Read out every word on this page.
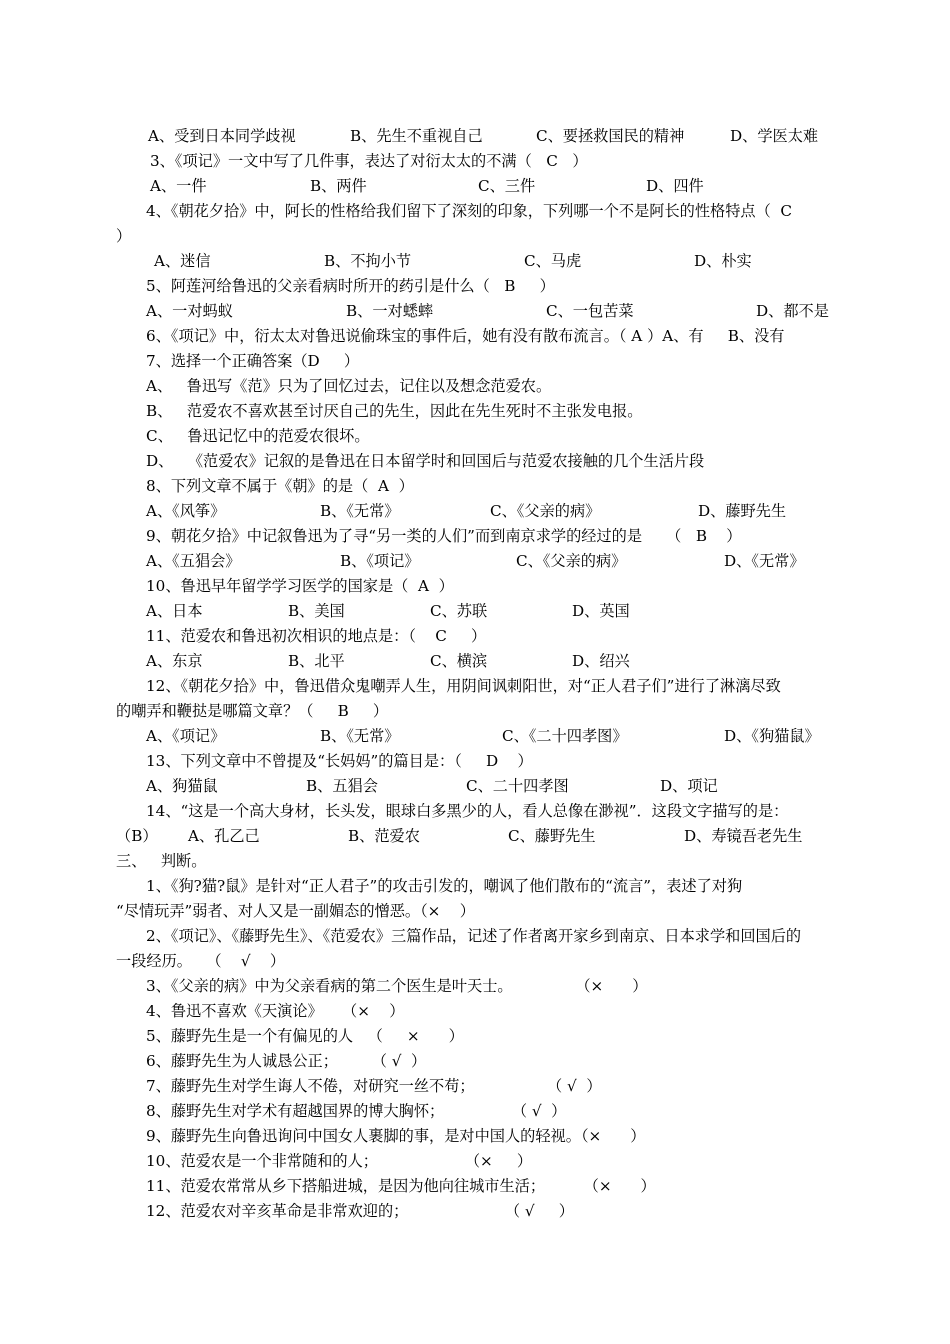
A、受到日本同学歧视	B、先生不重视自己	C、要拯救国民的精神	D、学医太难
3、《项记》一文中写了几件事，表达了对衍太太的不满（   C   ）
A、一件	B、两件	C、三件	D、四件
4、《朝花夕拾》中，阿长的性格给我们留下了深刻的印象，下列哪一个不是阿长的性格特点（  C
）
A、迷信	B、不拘小节	C、马虎	D、朴实
5、阿莲河给鲁迅的父亲看病时所开的药引是什么（   B     ）
A、一对蚂蚁	B、一对蟋蟀	C、一包苦菜	D、都不是
6、《项记》中，衍太太对鲁迅说偷珠宝的事件后，她有没有散布流言。（ A ）A、有     B、没有
7、选择一个正确答案（D     ）
A、   鲁迅写《范》只为了回忆过去，记住以及想念范爱农。
B、   范爱农不喜欢甚至讨厌自己的先生，因此在先生死时不主张发电报。
C、   鲁迅记忆中的范爱农很坏。
D、   《范爱农》记叙的是鲁迅在日本留学时和回国后与范爱农接触的几个生活片段
8、下列文章不属于《朝》的是（  A  ）
A、《风筝》	B、《无常》	C、《父亲的病》	D、藤野先生
9、朝花夕拾》中记叙鲁迅为了寻“另一类的人们”而到南京求学的经过的是     （   B    ）
A、《五猖会》	B、《项记》	C、《父亲的病》	D、《无常》
10、鲁迅早年留学学习医学的国家是（  A  ）
A、日本	B、美国	C、苏联	D、英国
11、范爱农和鲁迅初次相识的地点是：（    C     ）
A、东京	B、北平	C、横滨	D、绍兴
12、《朝花夕拾》中，鲁迅借众鬼嘲弄人生，用阴间讽刺阳世，对“正人君子们”进行了淋漓尽致
的嘲弄和鞭挞是哪篇文章？（     B     ）
A、《项记》	B、《无常》	C、《二十四孝图》	D、《狗猫鼠》
13、下列文章中不曾提及“长妈妈”的篇目是：（     D    ）
A、狗猫鼠	B、五猖会	C、二十四孝图	D、项记
14、“这是一个高大身材，长头发，眼球白多黑少的人，看人总像在渺视”．这段文字描写的是：
（B） A、孔乙己	B、范爱农	C、藤野先生	D、寿镜吾老先生
三、   判断。
1、《狗?猫?鼠》是针对“正人君子”的攻击引发的，嘲讽了他们散布的“流言”，表述了对狗
“尽情玩弄”弱者、对人又是一副媚态的憎恶。（×    ）
2、《项记》、《藤野先生》、《范爱农》三篇作品，记述了作者离开家乡到南京、日本求学和回国后的
一段经历。   （    √    ）
3、《父亲的病》中为父亲看病的第二个医生是叶天士。             （×      ）
4、鲁迅不喜欢《天演论》    （×    ）
5、藤野先生是一个有偏见的人   （     ×      ）
6、藤野先生为人诚恳公正；       （ √  ）
7、藤野先生对学生诲人不倦，对研究一丝不苟；               （ √  ）
8、藤野先生对学术有超越国界的博大胸怀；              （ √  ）
9、藤野先生向鲁迅询问中国女人裹脚的事，是对中国人的轻视。（×      ）
10、范爱农是一个非常随和的人；                  （×     ）
11、范爱农常常从乡下搭船进城，是因为他向往城市生活；        （×      ）
12、范爱农对辛亥革命是非常欢迎的；                    （ √     ）
